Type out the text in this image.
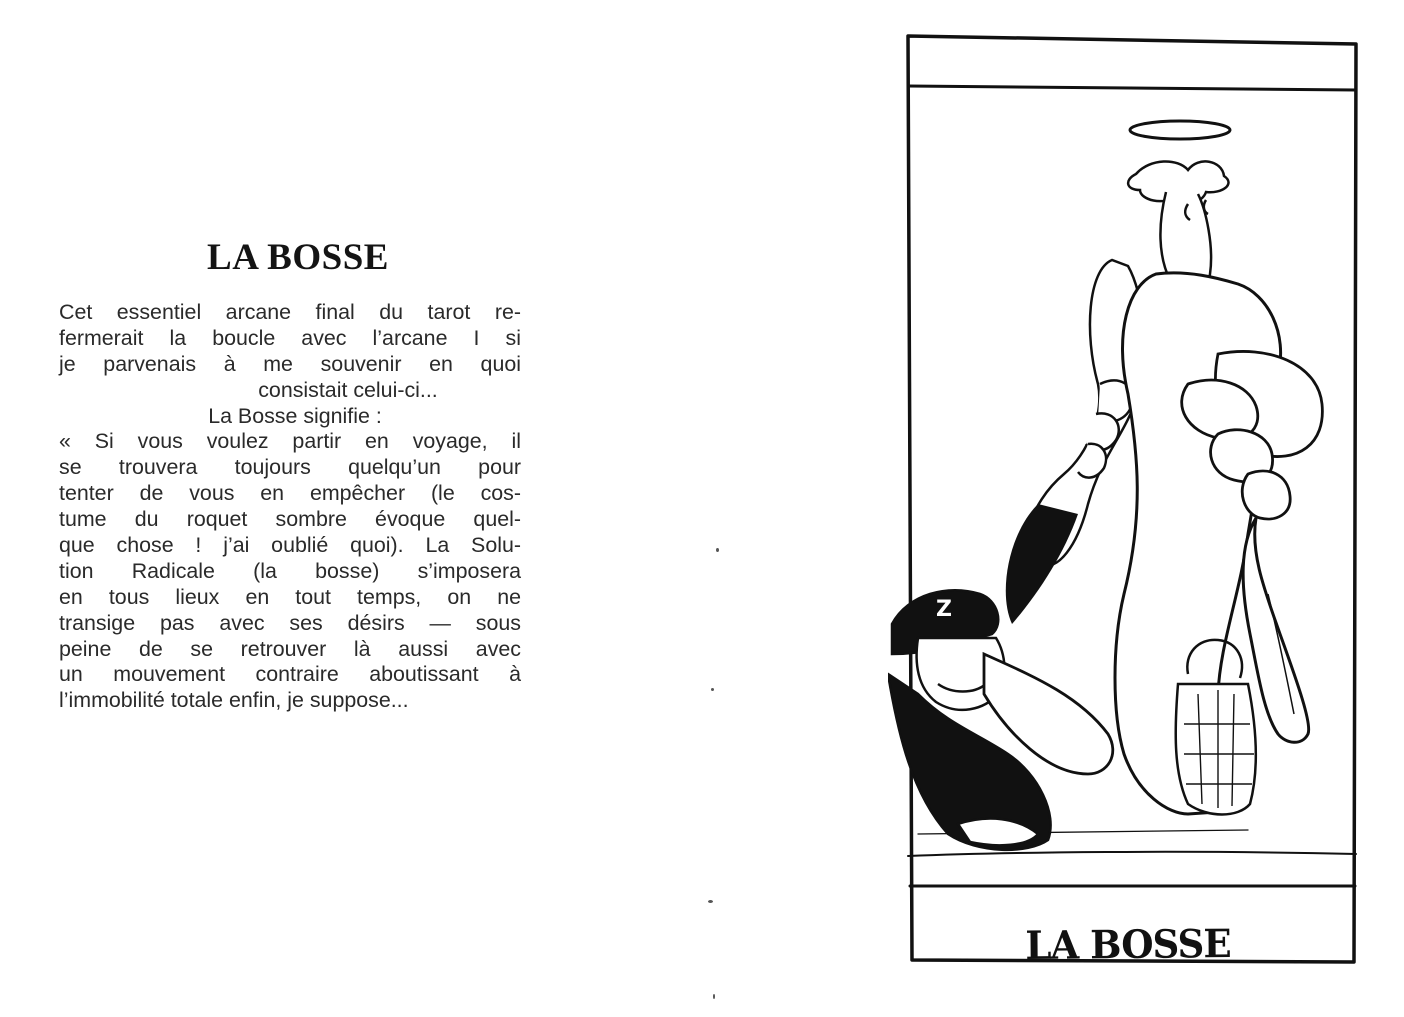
LA BOSSE
Cet essentiel arcane final du tarot re-
fermerait la boucle avec l’arcane I si
je parvenais à me souvenir en quoi
consistait celui-ci...
La Bosse signifie :
« Si vous voulez partir en voyage, il
se trouvera toujours quelqu’un pour
tenter de vous en empêcher (le cos-
tume du roquet sombre évoque quel-
que chose ! j’ai oublié quoi). La Solu-
tion Radicale (la bosse) s’imposera
en tous lieux en tout temps, on ne
transige pas avec ses désirs — sous
peine de se retrouver là aussi avec
un mouvement contraire aboutissant à
l’immobilité totale enfin, je suppose...
Z
LA BOSSE
